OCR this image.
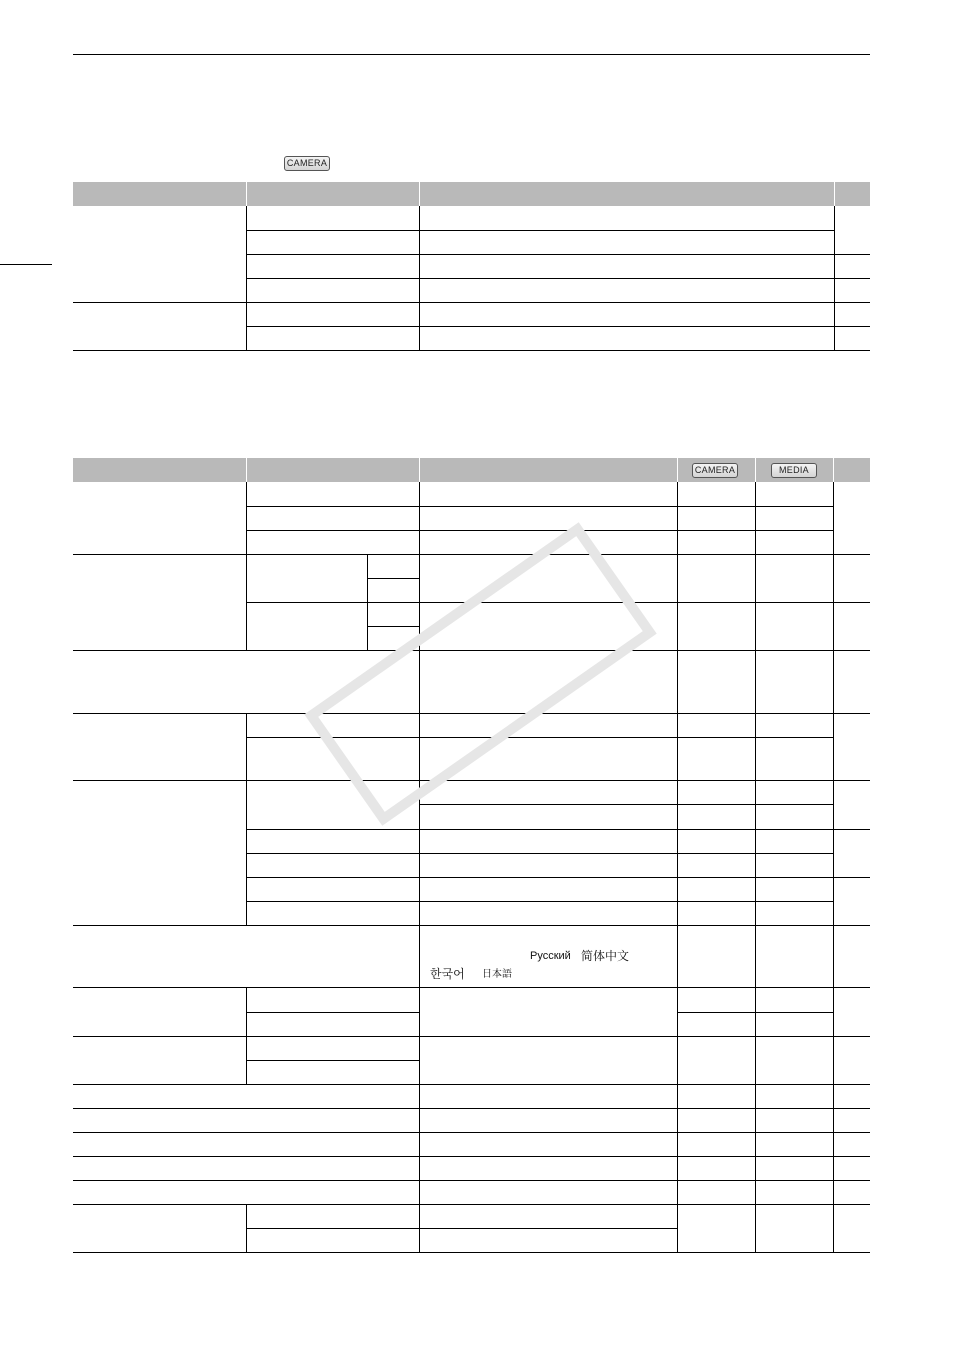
CAMERA
CAMERA	MEDIA
Русский 简体中文
한국어 日本語
